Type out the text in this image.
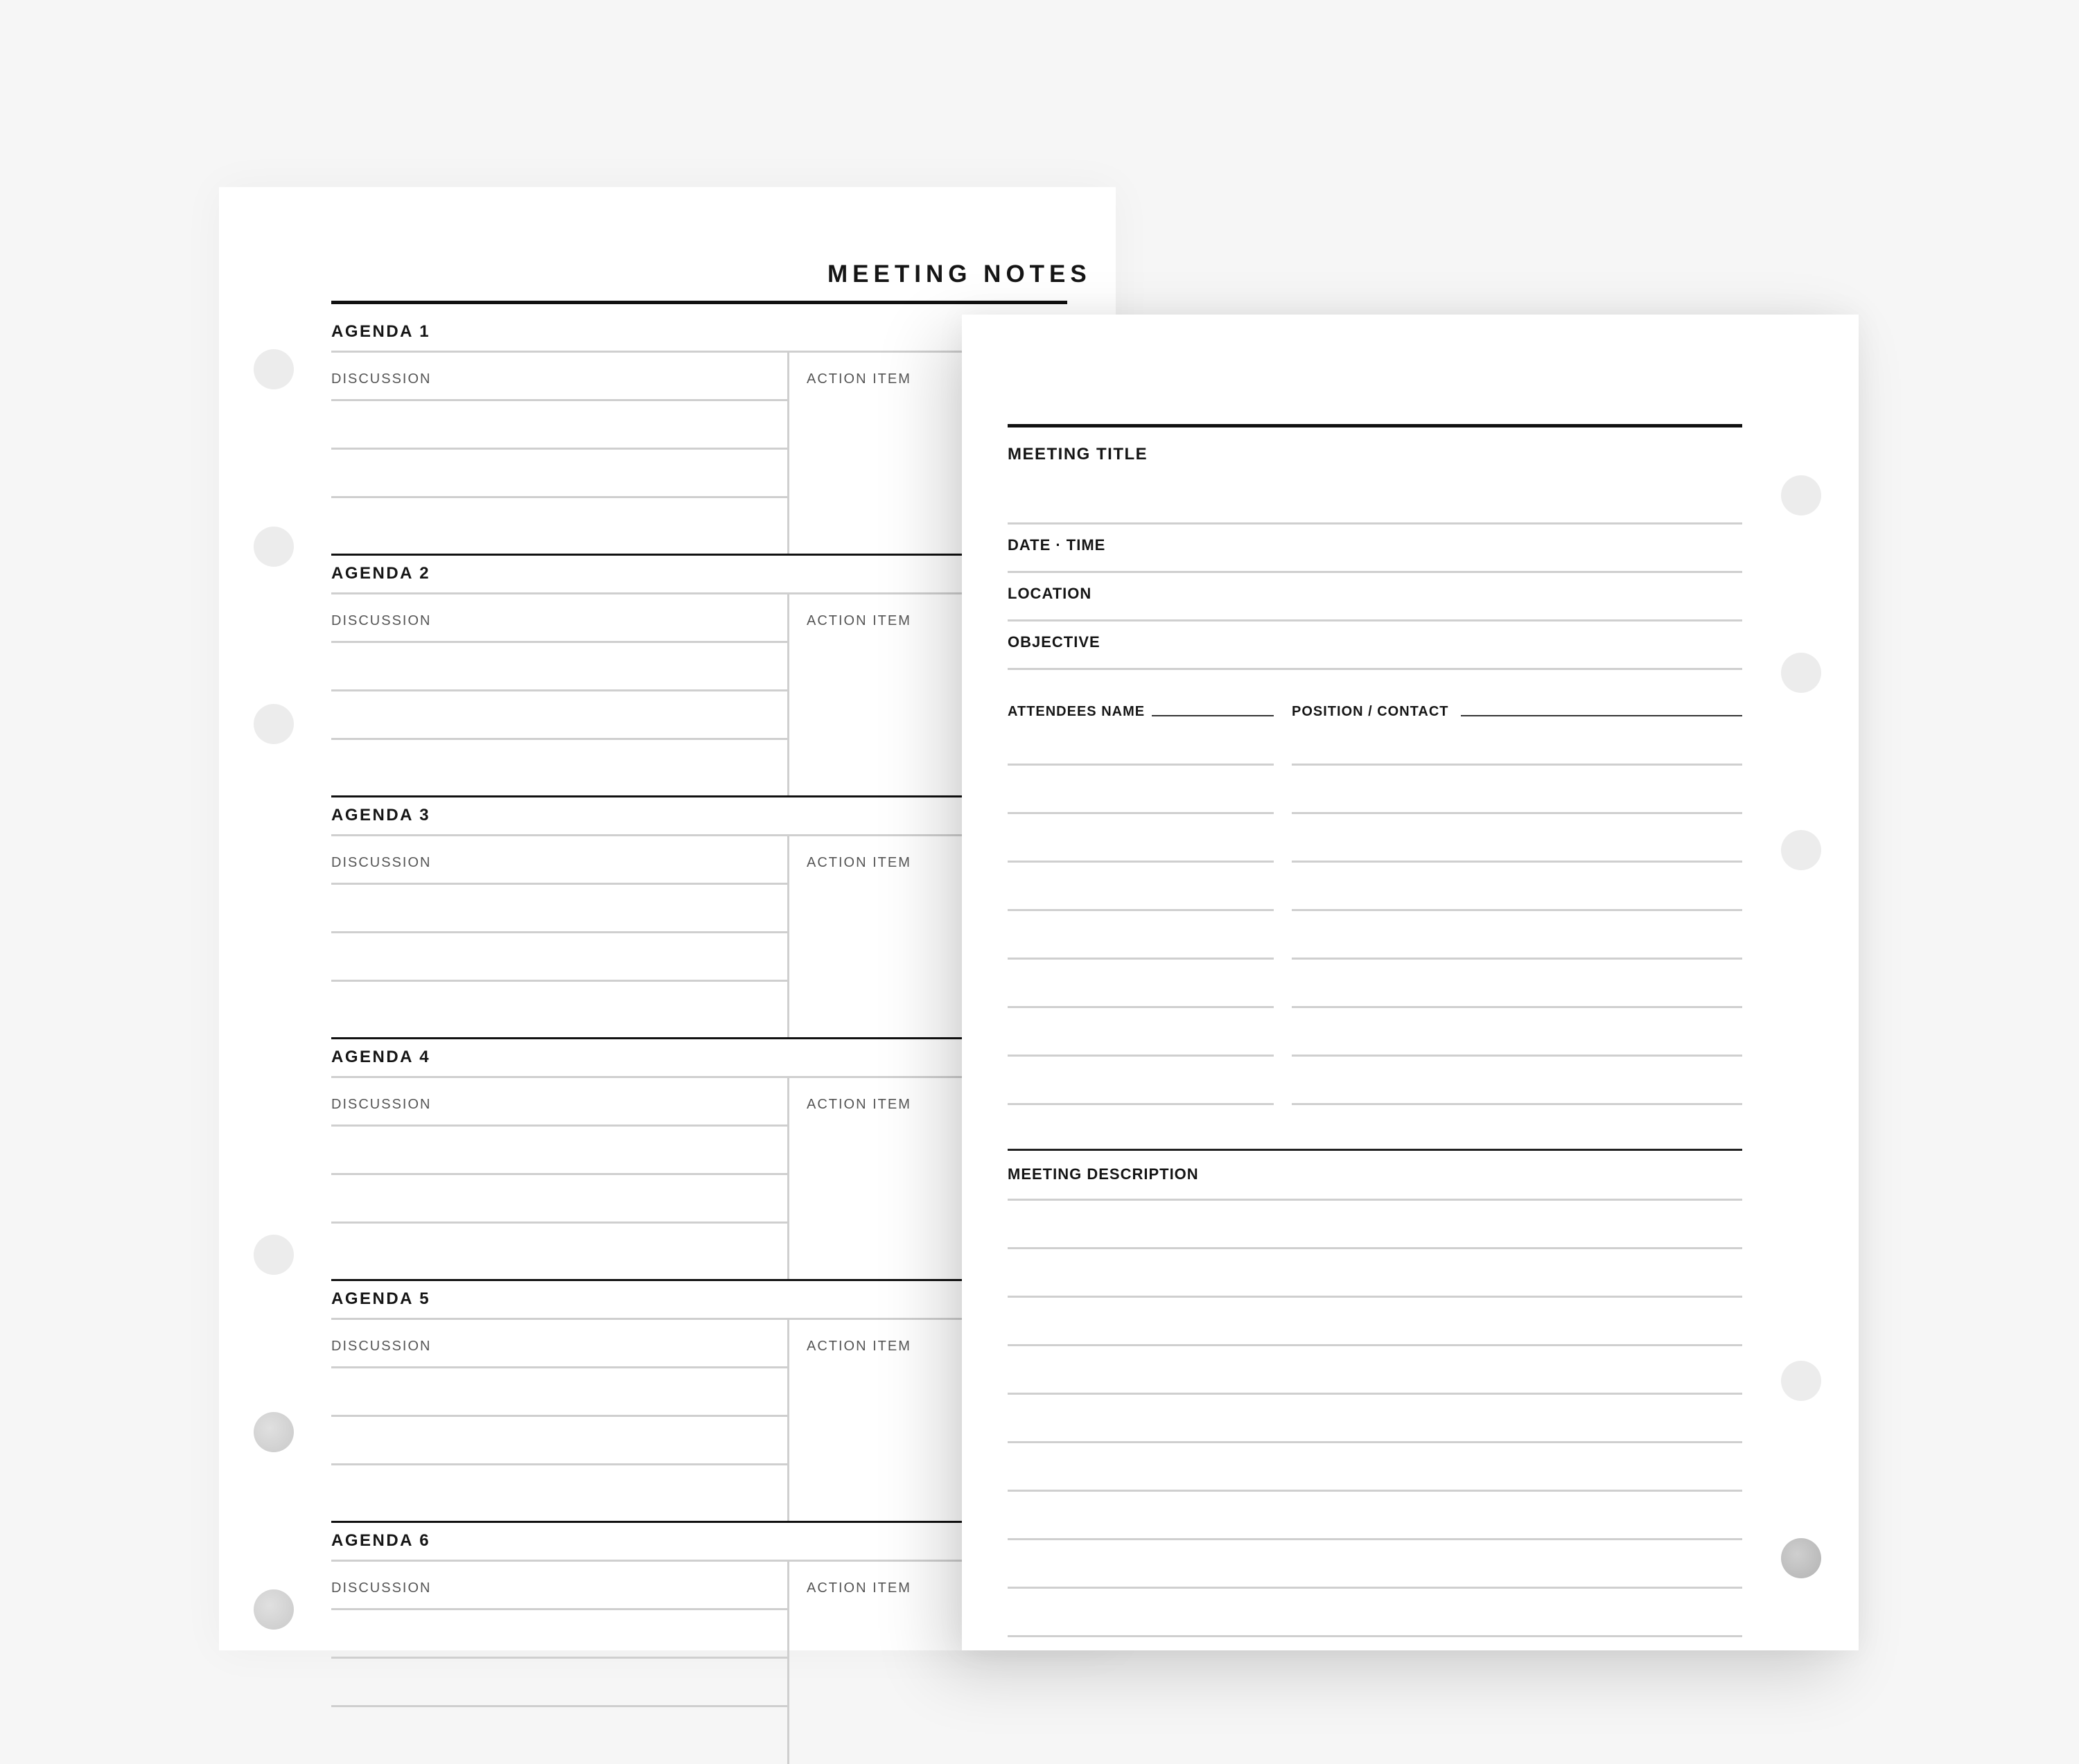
MEETING NOTES
AGENDA 1
DISCUSSION	ACTION ITEM
AGENDA 2
DISCUSSION	ACTION ITEM
AGENDA 3
DISCUSSION	ACTION ITEM
AGENDA 4
DISCUSSION	ACTION ITEM
AGENDA 5
DISCUSSION	ACTION ITEM
AGENDA 6
DISCUSSION	ACTION ITEM
MEETING TITLE
DATE · TIME
LOCATION
OBJECTIVE
ATTENDEES NAME	POSITION / CONTACT
MEETING DESCRIPTION
